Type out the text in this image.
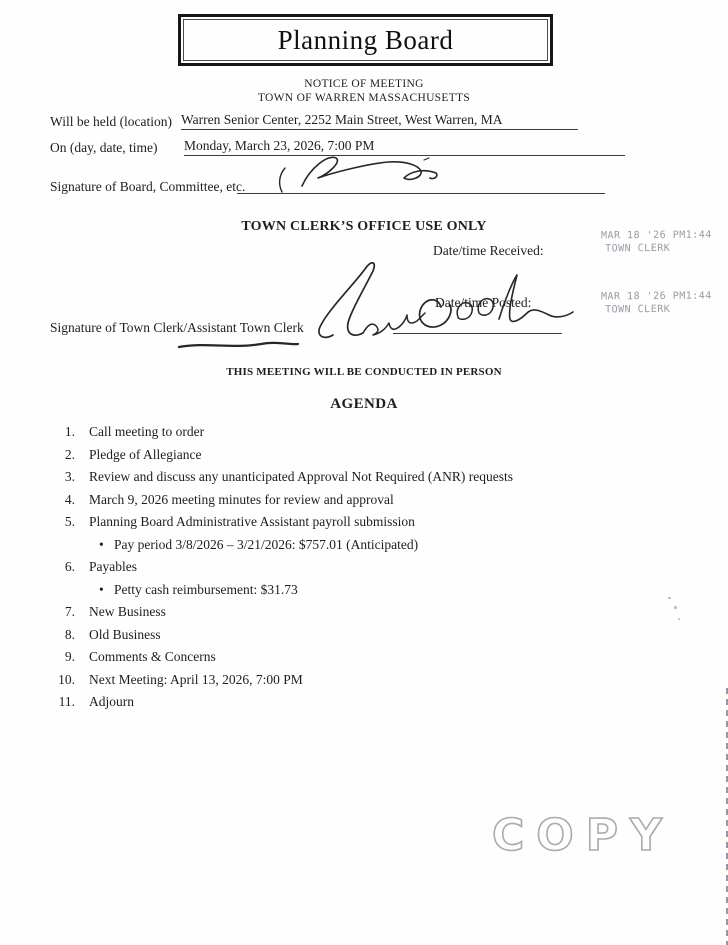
Planning Board
NOTICE OF MEETING
TOWN OF WARREN MASSACHUSETTS
Will be held (location) Warren Senior Center, 2252 Main Street, West Warren, MA
On (day, date, time) Monday, March 23, 2026, 7:00 PM
Signature of Board, Committee, etc.
TOWN CLERK’S OFFICE USE ONLY
Date/time Received:
MAR 18 '26 PM1:44
TOWN CLERK
Date/time Posted:	MAR 18 '26 PM1:44
TOWN CLERK
Signature of Town Clerk/Assistant Town Clerk
THIS MEETING WILL BE CONDUCTED IN PERSON
AGENDA
1. Call meeting to order
2. Pledge of Allegiance
3. Review and discuss any unanticipated Approval Not Required (ANR) requests
4. March 9, 2026 meeting minutes for review and approval
5. Planning Board Administrative Assistant payroll submission
• Pay period 3/8/2026 – 3/21/2026: $757.01 (Anticipated)
6. Payables
• Petty cash reimbursement: $31.73
7. New Business
8. Old Business
9. Comments & Concerns
10. Next Meeting: April 13, 2026, 7:00 PM
11. Adjourn
COPY
